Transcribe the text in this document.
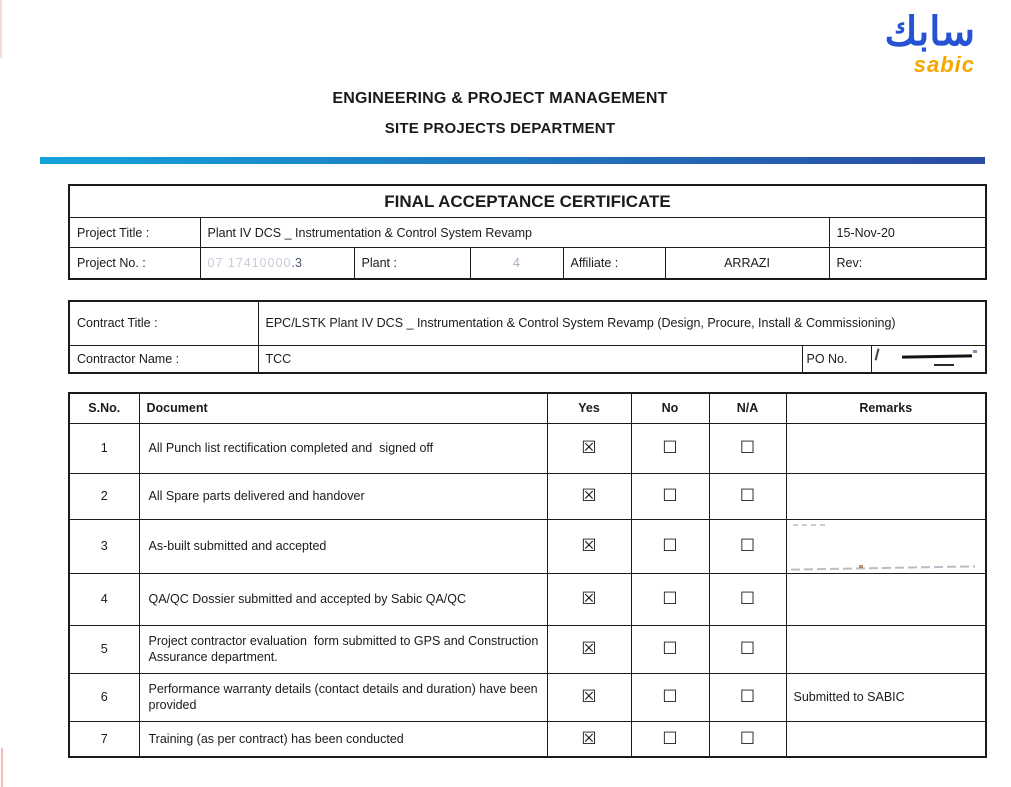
سابك
sabic
ENGINEERING & PROJECT MANAGEMENT
SITE PROJECTS DEPARTMENT
FINAL ACCEPTANCE CERTIFICATE						
Project Title :	Plant IV DCS _ Instrumentation & Control System Revamp					15-Nov-20
Project No. :	07 17410000.3	Plant :	4	Affiliate :	ARRAZI	Rev:
Contract Title :	EPC/LSTK Plant IV DCS _ Instrumentation & Control System Revamp (Design, Procure, Install & Commissioning)		
Contractor Name :	TCC	PO No.	
S.No.	Document	Yes	No	N/A	Remarks
1	All Punch list rectification completed and  signed off	☒	☐	☐	
2	All Spare parts delivered and handover	☒	☐	☐	
3	As-built submitted and accepted	☒	☐	☐	

4	QA/QC Dossier submitted and accepted by Sabic QA/QC	☒	☐	☐	
5	Project contractor evaluation  form submitted to GPS and Construction Assurance department.	☒	☐	☐	
6	Performance warranty details (contact details and duration) have been provided	☒	☐	☐	Submitted to SABIC
7	Training (as per contract) has been conducted	☒	☐	☐	
